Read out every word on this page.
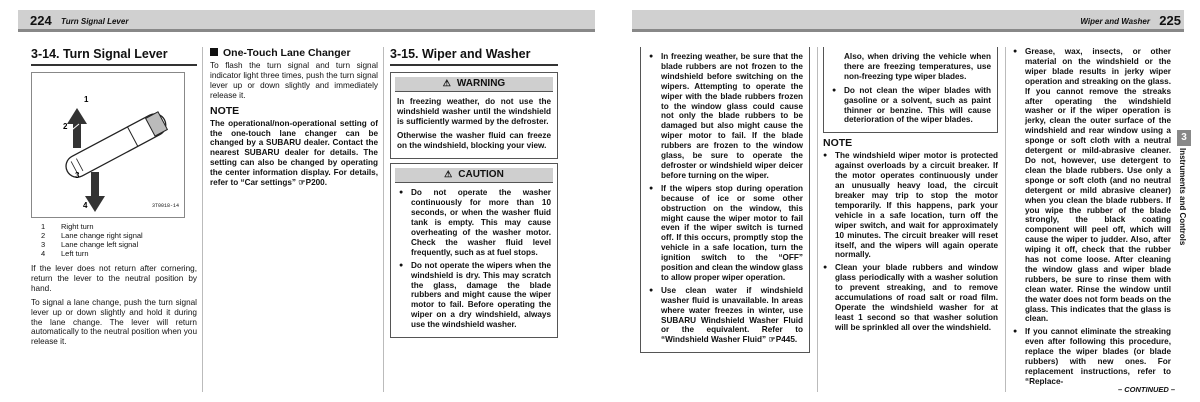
224 Turn Signal Lever	Wiper and Washer 225
3-14. Turn Signal Lever
1
2
3
4	3T0018-14
1 Right turn
2 Lane change right signal
3 Lane change left signal
4 Left turn

If the lever does not return after cornering, return the lever to the neutral position by hand.

To signal a lane change, push the turn signal lever up or down slightly and hold it during the lane change. The lever will return automatically to the neutral position when you release it.

One-Touch Lane Changer

To flash the turn signal and turn signal indicator light three times, push the turn signal lever up or down slightly and immediately release it.

NOTE

The operational/non-operational setting of the one-touch lane changer can be changed by a SUBARU dealer. Contact the nearest SUBARU dealer for details. The setting can also be changed by operating the center information display. For details, refer to “Car settings” ☞P200.

3-15. Wiper and Washer
⚠ WARNING

In freezing weather, do not use the windshield washer until the windshield is sufficiently warmed by the defroster.

Otherwise the washer fluid can freeze on the windshield, blocking your view.

⚠ CAUTION
● Do not operate the washer continuously for more than 10 seconds, or when the washer fluid tank is empty. This may cause overheating of the washer motor. Check the washer fluid level frequently, such as at fuel stops.
● Do not operate the wipers when the windshield is dry. This may scratch the glass, damage the blade rubbers and might cause the wiper motor to fail. Before operating the wiper on a dry windshield, always use the windshield washer.
● In freezing weather, be sure that the blade rubbers are not frozen to the windshield before switching on the wipers. Attempting to operate the wiper with the blade rubbers frozen to the window glass could cause not only the blade rubbers to be damaged but also might cause the wiper motor to fail. If the blade rubbers are frozen to the window glass, be sure to operate the defroster or windshield wiper deicer before turning on the wiper.
● If the wipers stop during operation because of ice or some other obstruction on the window, this might cause the wiper motor to fail even if the wiper switch is turned off. If this occurs, promptly stop the vehicle in a safe location, turn the ignition switch to the “OFF” position and clean the window glass to allow proper wiper operation.
● Use clean water if windshield washer fluid is unavailable. In areas where water freezes in winter, use SUBARU Windshield Washer Fluid or the equivalent. Refer to “Windshield Washer Fluid” ☞P445.

Also, when driving the vehicle when there are freezing temperatures, use non-freezing type wiper blades.

● Do not clean the wiper blades with gasoline or a solvent, such as paint thinner or benzine. This will cause deterioration of the wiper blades.
NOTE
● The windshield wiper motor is protected against overloads by a circuit breaker. If the motor operates continuously under an unusually heavy load, the circuit breaker may trip to stop the motor temporarily. If this happens, park your vehicle in a safe location, turn off the wiper switch, and wait for approximately 10 minutes. The circuit breaker will reset itself, and the wipers will again operate normally.
● Clean your blade rubbers and window glass periodically with a washer solution to prevent streaking, and to remove accumulations of road salt or road film. Operate the windshield washer for at least 1 second so that washer solution will be sprinkled all over the windshield.
● Grease, wax, insects, or other material on the windshield or the wiper blade results in jerky wiper operation and streaking on the glass. If you cannot remove the streaks after operating the windshield washer or if the wiper operation is jerky, clean the outer surface of the windshield and rear window using a sponge or soft cloth with a neutral detergent or mild-abrasive cleaner. Do not, however, use detergent to clean the blade rubbers. Use only a sponge or soft cloth (and no neutral detergent or mild abrasive cleaner) when you clean the blade rubbers. If you wipe the rubber of the blade strongly, the black coating component will peel off, which will cause the wiper to judder. Also, after wiping it off, check that the rubber has not come loose. After cleaning the window glass and wiper blade rubbers, be sure to rinse them with clean water. Rinse the window until the water does not form beads on the glass. This indicates that the glass is clean.
● If you cannot eliminate the streaking even after following this procedure, replace the wiper blades (or blade rubbers) with new ones. For replacement instructions, refer to “Replace-
– CONTINUED –
3
Instruments and Controls
